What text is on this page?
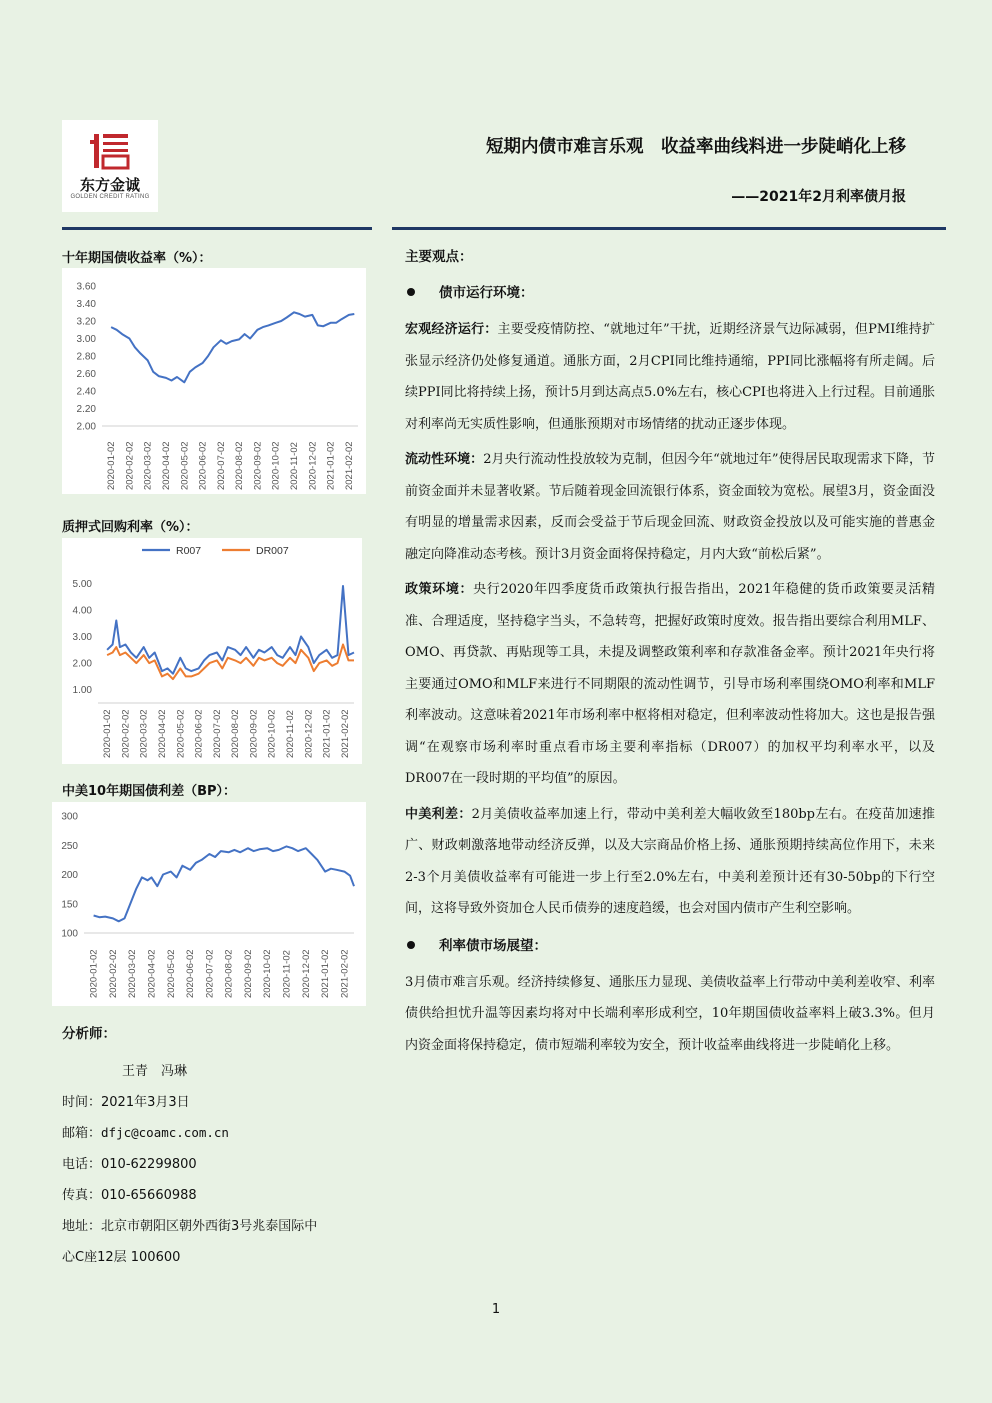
东方金诚
GOLDEN CREDIT RATING
短期内债市难言乐观　收益率曲线料进一步陡峭化上移
——2021年2月利率债月报
十年期国债收益率（%）：
2.00
2.20
2.40
2.60
2.80
3.00
3.20
3.40
3.60
2020-01-02 2020-02-02 2020-03-02 2020-04-02 2020-05-02 2020-06-02 2020-07-02 2020-08-02 2020-09-02 2020-10-02 2020-11-02 2020-12-02 2021-01-02 2021-02-02
质押式回购利率（%）：
1.00
2.00
3.00
4.00
5.00
2020-01-02 2020-02-02 2020-03-02 2020-04-02 2020-05-02 2020-06-02 2020-07-02 2020-08-02 2020-09-02 2020-10-02 2020-11-02 2020-12-02 2021-01-02 2021-02-02
R007	DR007
中美10年期国债利差（BP）：
100
150
200
250
300
2020-01-02 2020-02-02 2020-03-02 2020-04-02 2020-05-02 2020-06-02 2020-07-02 2020-08-02 2020-09-02 2020-10-02 2020-11-02 2020-12-02 2021-01-02 2021-02-02
分析师：
王青　冯琳
时间：2021年3月3日
邮箱：dfjc@coamc.com.cn
电话：010-62299800
传真：010-65660988
地址：北京市朝阳区朝外西街3号兆泰国际中
心C座12层 100600
主要观点：
债市运行环境：

宏观经济运行：主要受疫情防控、“就地过年”干扰，近期经济景气边际减弱，但PMI维持扩张显示经济仍处修复通道。通胀方面，2月CPI同比维持通缩，PPI同比涨幅将有所走阔。后续PPI同比将持续上扬，预计5月到达高点5.0%左右，核心CPI也将进入上行过程。目前通胀对利率尚无实质性影响，但通胀预期对市场情绪的扰动正逐步体现。

流动性环境：2月央行流动性投放较为克制，但因今年“就地过年”使得居民取现需求下降，节前资金面并未显著收紧。节后随着现金回流银行体系，资金面较为宽松。展望3月，资金面没有明显的增量需求因素，反而会受益于节后现金回流、财政资金投放以及可能实施的普惠金融定向降准动态考核。预计3月资金面将保持稳定，月内大致“前松后紧”。

政策环境：央行2020年四季度货币政策执行报告指出，2021年稳健的货币政策要灵活精准、合理适度，坚持稳字当头，不急转弯，把握好政策时度效。报告指出要综合利用MLF、OMO、再贷款、再贴现等工具，未提及调整政策利率和存款准备金率。预计2021年央行将主要通过OMO和MLF来进行不同期限的流动性调节，引导市场利率围绕OMO利率和MLF利率波动。这意味着2021年市场利率中枢将相对稳定，但利率波动性将加大。这也是报告强调“在观察市场利率时重点看市场主要利率指标（DR007）的加权平均利率水平，以及DR007在一段时期的平均值”的原因。

中美利差：2月美债收益率加速上行，带动中美利差大幅收敛至180bp左右。在疫苗加速推广、财政刺激落地带动经济反弹，以及大宗商品价格上扬、通胀预期持续高位作用下，未来2-3个月美债收益率有可能进一步上行至2.0%左右，中美利差预计还有30-50bp的下行空间，这将导致外资加仓人民币债券的速度趋缓，也会对国内债市产生利空影响。

利率债市场展望：

3月债市难言乐观。经济持续修复、通胀压力显现、美债收益率上行带动中美利差收窄、利率债供给担忧升温等因素均将对中长端利率形成利空，10年期国债收益率料上破3.3%。但月内资金面将保持稳定，债市短端利率较为安全，预计收益率曲线将进一步陡峭化上移。

1
